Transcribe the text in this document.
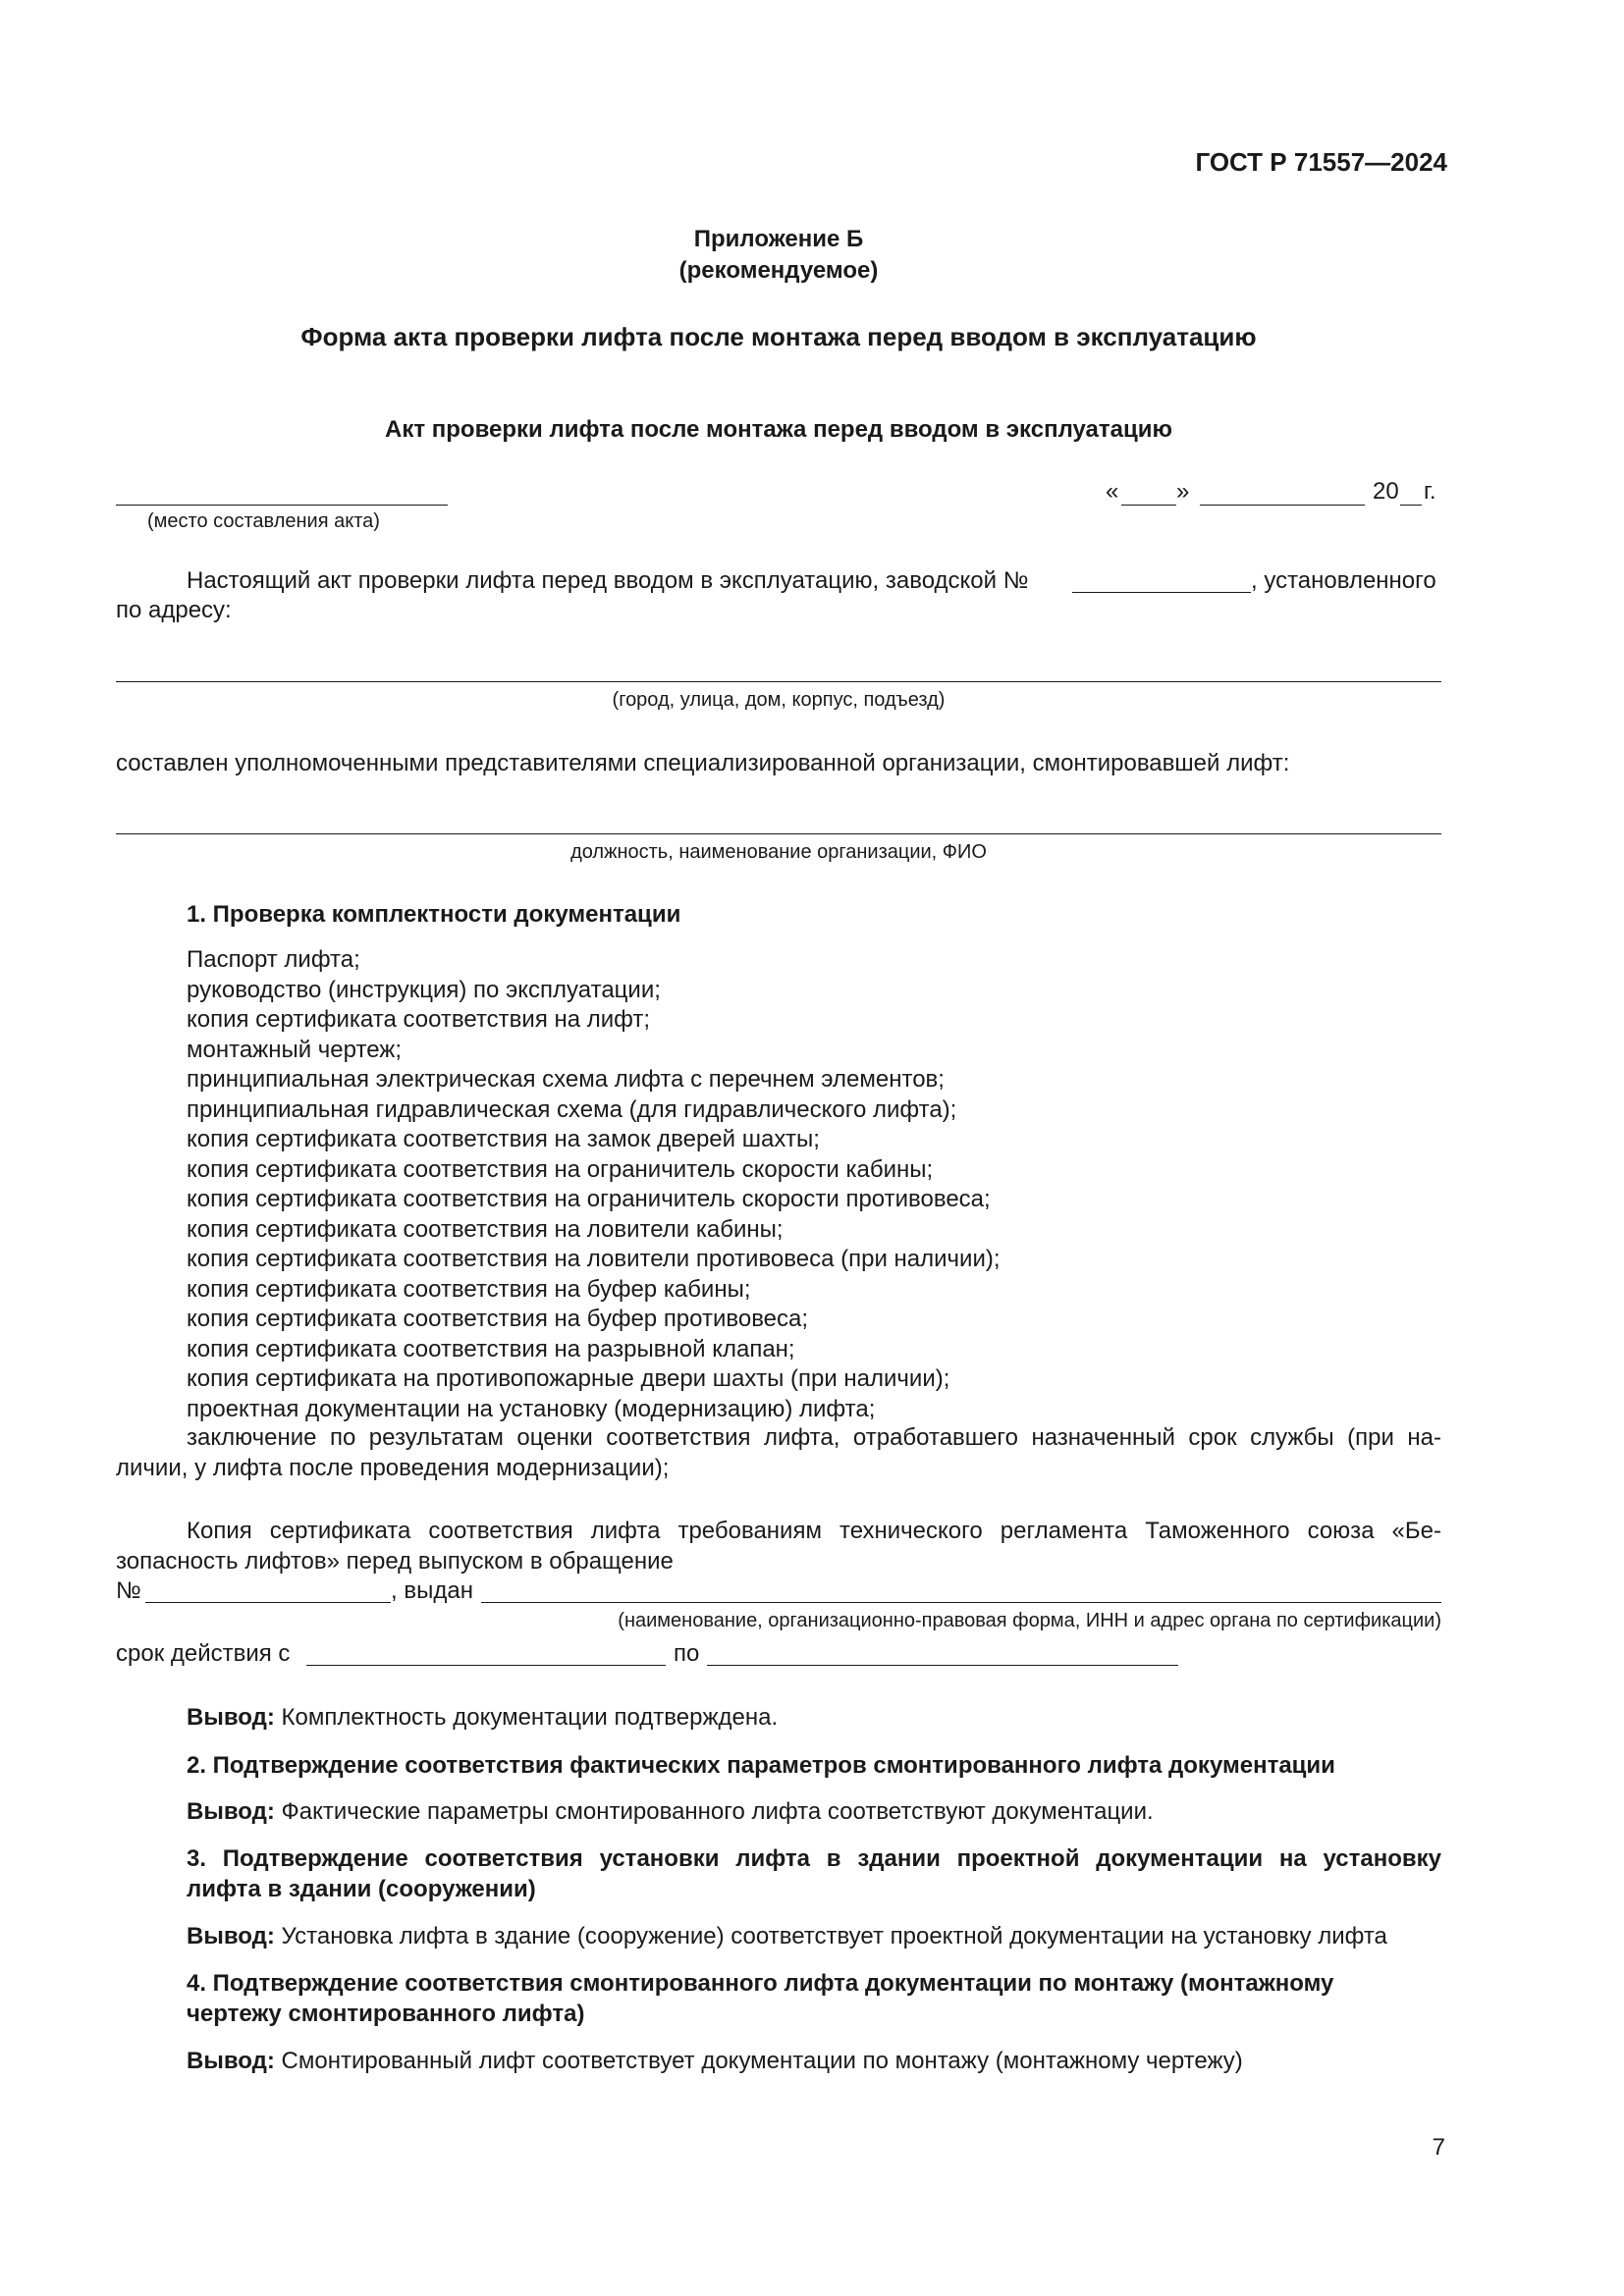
ГОСТ Р 71557—2024
Приложение Б
(рекомендуемое)
Форма акта проверки лифта после монтажа перед вводом в эксплуатацию
Акт проверки лифта после монтажа перед вводом в эксплуатацию
(место составления акта)
« »	20 г.
Настоящий акт проверки лифта перед вводом в эксплуатацию, заводской №	, установленного
по адресу:
(город, улица, дом, корпус, подъезд)
составлен уполномоченными представителями специализированной организации, смонтировавшей лифт:
должность, наименование организации, ФИО
1. Проверка комплектности документации
Паспорт лифта;
руководство (инструкция) по эксплуатации;
копия сертификата соответствия на лифт;
монтажный чертеж;
принципиальная электрическая схема лифта с перечнем элементов;
принципиальная гидравлическая схема (для гидравлического лифта);
копия сертификата соответствия на замок дверей шахты;
копия сертификата соответствия на ограничитель скорости кабины;
копия сертификата соответствия на ограничитель скорости противовеса;
копия сертификата соответствия на ловители кабины;
копия сертификата соответствия на ловители противовеса (при наличии);
копия сертификата соответствия на буфер кабины;
копия сертификата соответствия на буфер противовеса;
копия сертификата соответствия на разрывной клапан;
копия сертификата на противопожарные двери шахты (при наличии);
проектная документации на установку (модернизацию) лифта;
заключение по результатам оценки соответствия лифта, отработавшего назначенный срок службы (при на-
личии, у лифта после проведения модернизации);
Копия сертификата соответствия лифта требованиям технического регламента Таможенного союза «Бе-
зопасность лифтов» перед выпуском в обращение
№	, выдан
(наименование, организационно-правовая форма, ИНН и адрес органа по сертификации)
срок действия с	по
Вывод: Комплектность документации подтверждена.
2. Подтверждение соответствия фактических параметров смонтированного лифта документации
Вывод: Фактические параметры смонтированного лифта соответствуют документации.
3. Подтверждение соответствия установки лифта в здании проектной документации на установку
лифта в здании (сооружении)
Вывод: Установка лифта в здание (сооружение) соответствует проектной документации на установку лифта
4. Подтверждение соответствия смонтированного лифта документации по монтажу (монтажному
чертежу смонтированного лифта)
Вывод: Смонтированный лифт соответствует документации по монтажу (монтажному чертежу)
7
